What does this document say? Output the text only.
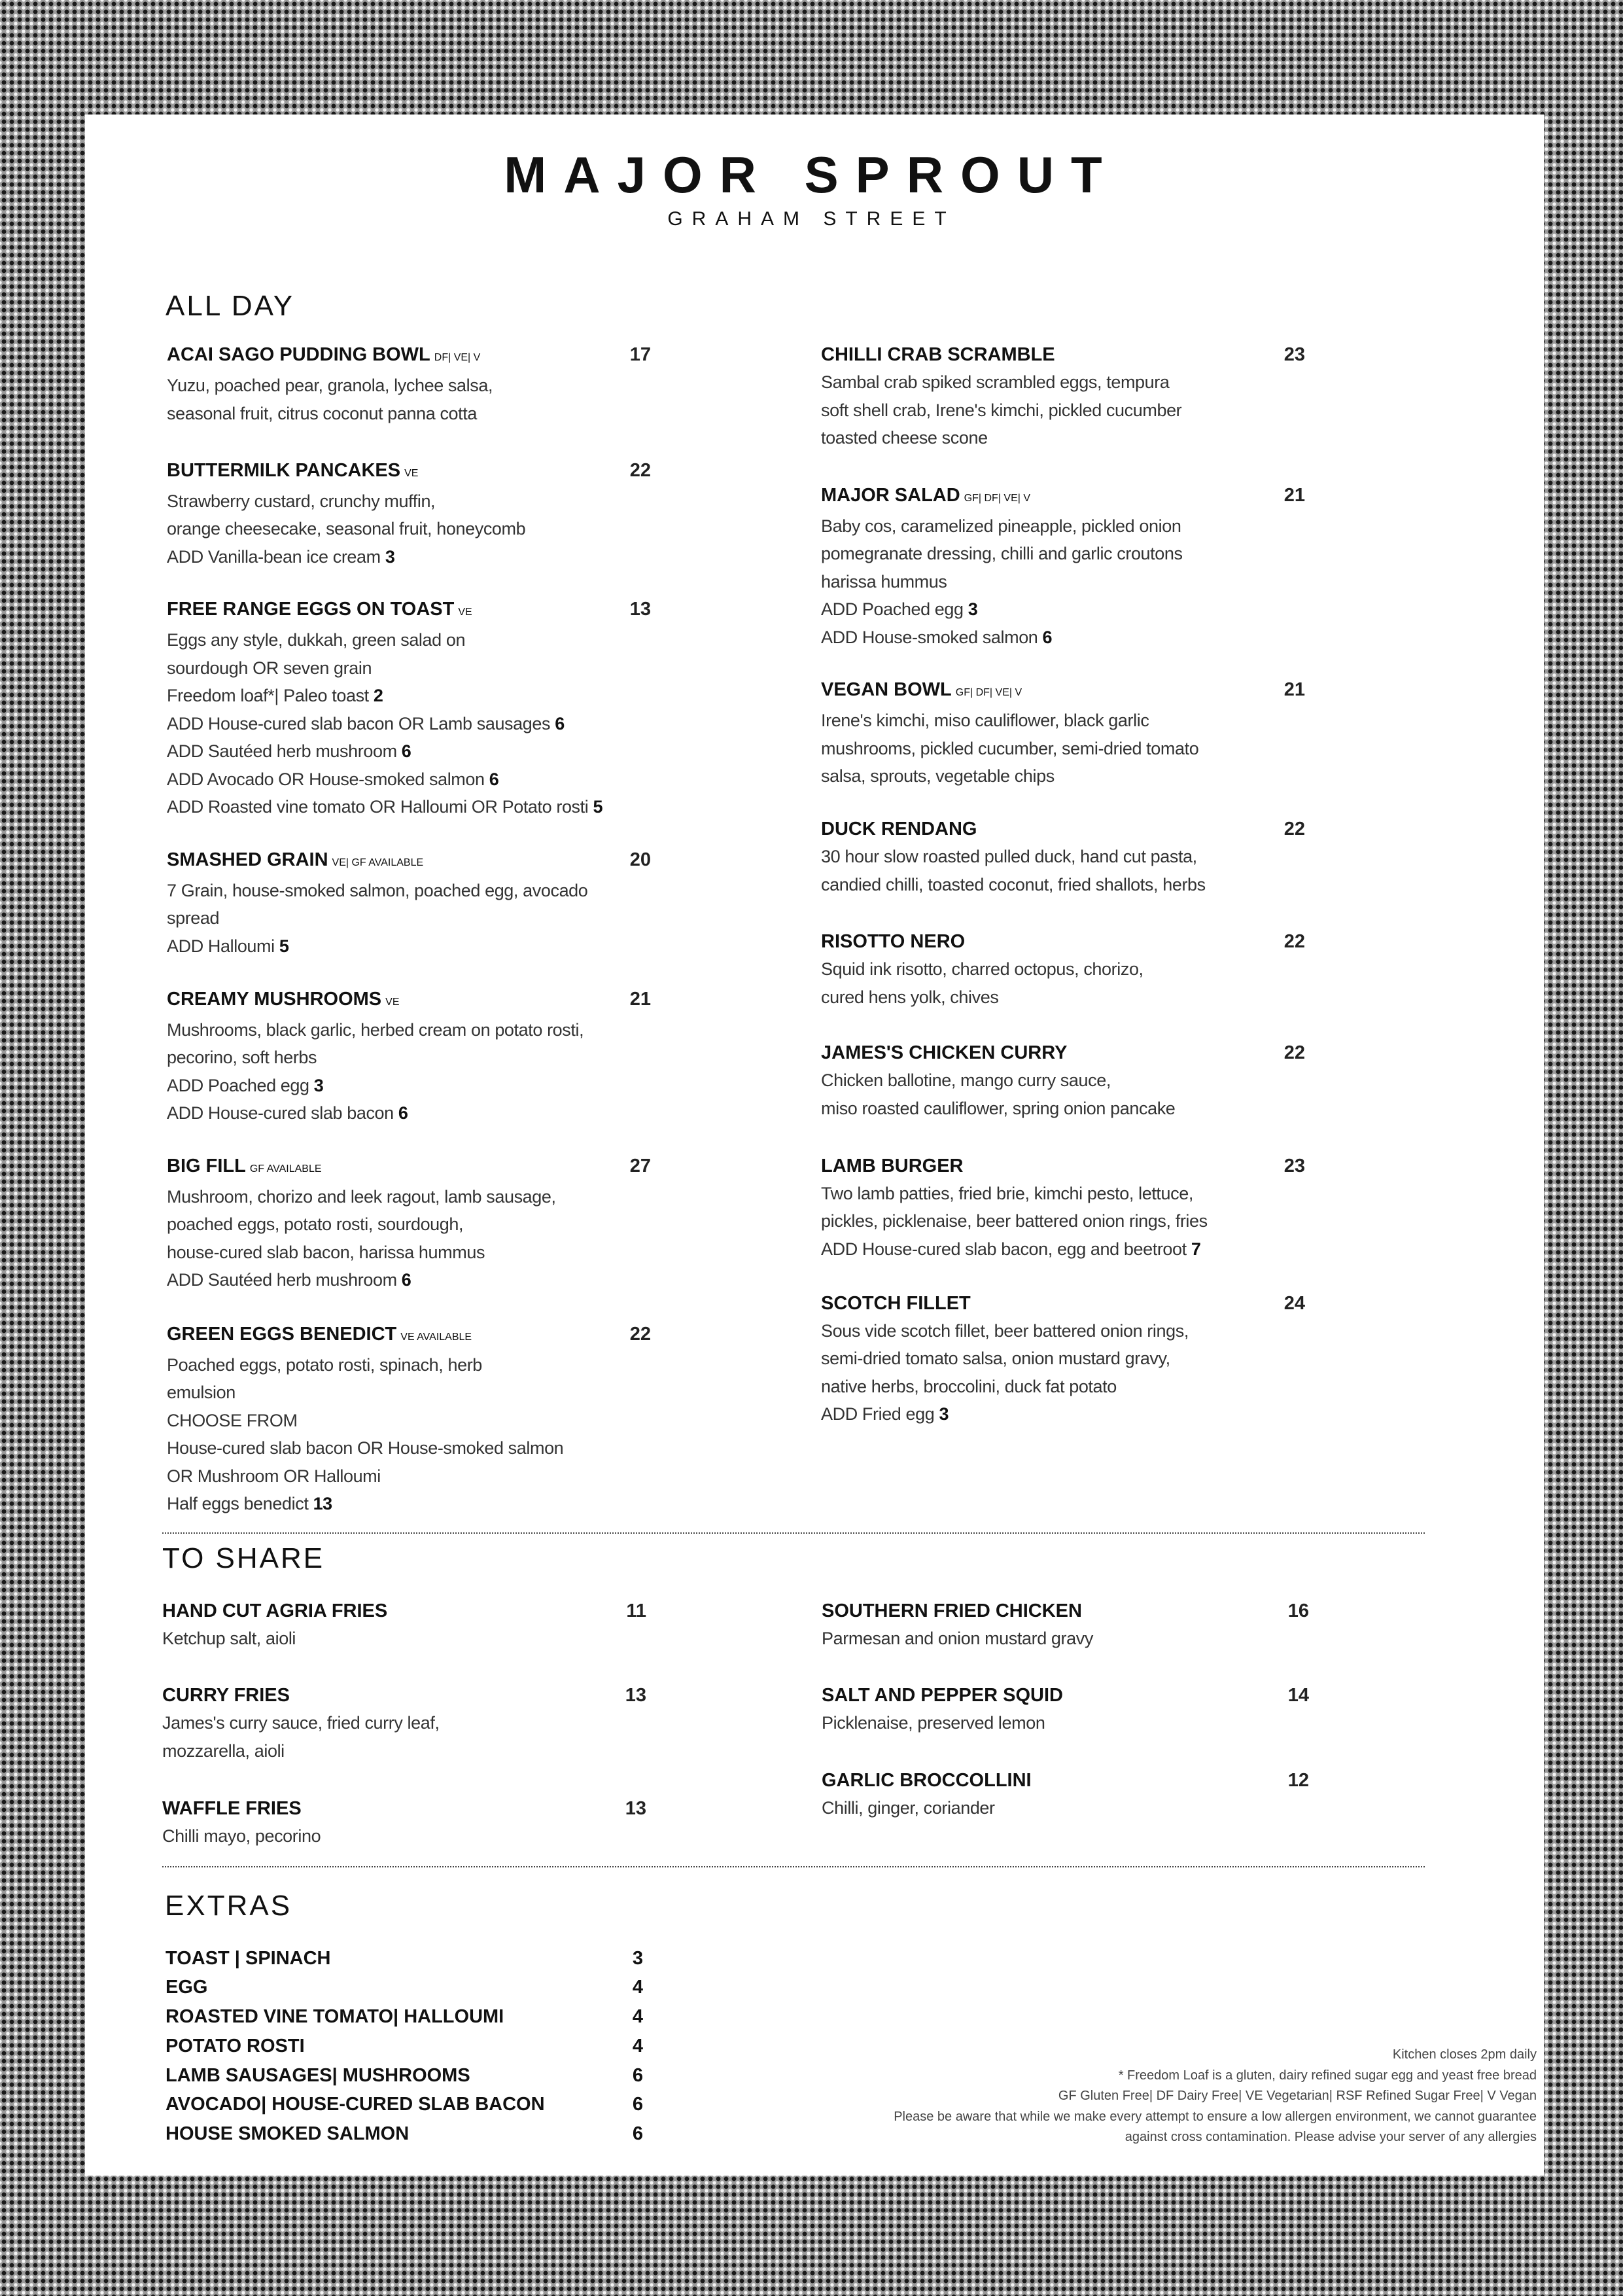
MAJOR SPROUT
GRAHAM STREET
ALL DAY
TO SHARE
EXTRAS
ACAI SAGO PUDDING BOWL DF| VE| V	17
Yuzu, poached pear, granola, lychee salsa,
seasonal fruit, citrus coconut panna cotta
BUTTERMILK PANCAKES VE	22
Strawberry custard, crunchy muffin,
orange cheesecake, seasonal fruit, honeycomb
ADD Vanilla-bean ice cream 3
FREE RANGE EGGS ON TOAST VE	13
Eggs any style, dukkah, green salad on
sourdough OR seven grain
Freedom loaf*| Paleo toast 2
ADD House-cured slab bacon OR Lamb sausages 6
ADD Sautéed herb mushroom 6
ADD Avocado OR House-smoked salmon 6
ADD Roasted vine tomato OR Halloumi OR Potato rosti 5
SMASHED GRAIN VE| GF AVAILABLE	20
7 Grain, house-smoked salmon, poached egg, avocado
spread
ADD Halloumi 5
CREAMY MUSHROOMS VE	21
Mushrooms, black garlic, herbed cream on potato rosti,
pecorino, soft herbs
ADD Poached egg 3
ADD House-cured slab bacon 6
BIG FILL GF AVAILABLE	27
Mushroom, chorizo and leek ragout, lamb sausage,
poached eggs, potato rosti, sourdough,
house-cured slab bacon, harissa hummus
ADD Sautéed herb mushroom 6
GREEN EGGS BENEDICT VE AVAILABLE	22
Poached eggs, potato rosti, spinach, herb
emulsion
CHOOSE FROM
House-cured slab bacon OR House-smoked salmon
OR Mushroom OR Halloumi
Half eggs benedict 13
CHILLI CRAB SCRAMBLE	23
Sambal crab spiked scrambled eggs, tempura
soft shell crab, Irene's kimchi, pickled cucumber
toasted cheese scone
MAJOR SALAD GF| DF| VE| V	21
Baby cos, caramelized pineapple, pickled onion
pomegranate dressing, chilli and garlic croutons
harissa hummus
ADD Poached egg 3
ADD House-smoked salmon 6
VEGAN BOWL GF| DF| VE| V	21
Irene's kimchi, miso cauliflower, black garlic
mushrooms, pickled cucumber, semi-dried tomato
salsa, sprouts, vegetable chips
DUCK RENDANG	22
30 hour slow roasted pulled duck, hand cut pasta,
candied chilli, toasted coconut, fried shallots, herbs
RISOTTO NERO	22
Squid ink risotto, charred octopus, chorizo,
cured hens yolk, chives
JAMES'S CHICKEN CURRY	22
Chicken ballotine, mango curry sauce,
miso roasted cauliflower, spring onion pancake
LAMB BURGER	23
Two lamb patties, fried brie, kimchi pesto, lettuce,
pickles, picklenaise, beer battered onion rings, fries
ADD House-cured slab bacon, egg and beetroot 7
SCOTCH FILLET	24
Sous vide scotch fillet, beer battered onion rings,
semi-dried tomato salsa, onion mustard gravy,
native herbs, broccolini, duck fat potato
ADD Fried egg 3
HAND CUT AGRIA FRIES	11
Ketchup salt, aioli
CURRY FRIES	13
James's curry sauce, fried curry leaf,
mozzarella, aioli
WAFFLE FRIES	13
Chilli mayo, pecorino
SOUTHERN FRIED CHICKEN	16
Parmesan and onion mustard gravy
SALT AND PEPPER SQUID	14
Picklenaise, preserved lemon
GARLIC BROCCOLLINI	12
Chilli, ginger, coriander
TOAST | SPINACH	3
EGG	4
ROASTED VINE TOMATO| HALLOUMI	4
POTATO ROSTI	4
LAMB SAUSAGES| MUSHROOMS	6
AVOCADO| HOUSE-CURED SLAB BACON	6
HOUSE SMOKED SALMON	6
Kitchen closes 2pm daily
* Freedom Loaf is a gluten, dairy refined sugar egg and yeast free bread
GF Gluten Free| DF Dairy Free| VE Vegetarian| RSF Refined Sugar Free| V Vegan
Please be aware that while we make every attempt to ensure a low allergen environment, we cannot guarantee
against cross contamination. Please advise your server of any allergies
